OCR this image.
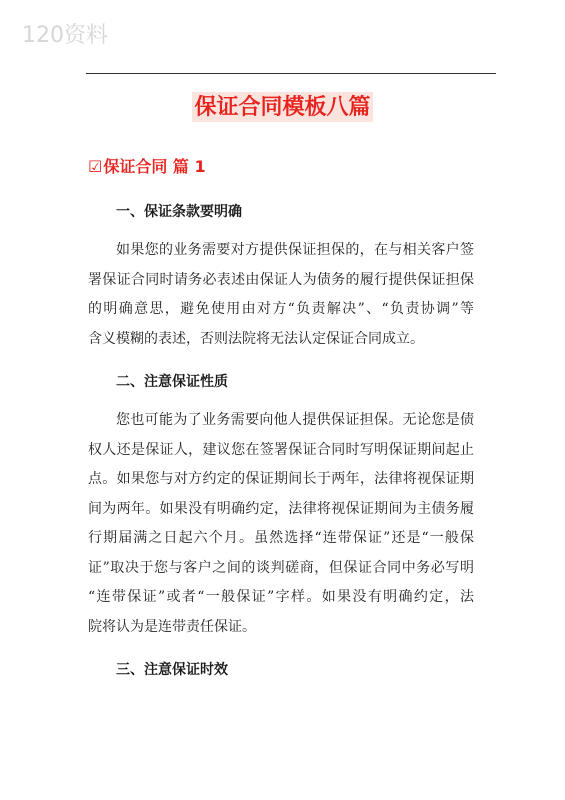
120资料
保证合同模板八篇
☑保证合同 篇 1
一、保证条款要明确
如果您的业务需要对方提供保证担保的，在与相关客户签
署保证合同时请务必表述由保证人为债务的履行提供保证担保
的明确意思，避免使用由对方“负责解决”、“负责协调”等
含义模糊的表述，否则法院将无法认定保证合同成立。
二、注意保证性质
您也可能为了业务需要向他人提供保证担保。无论您是债
权人还是保证人，建议您在签署保证合同时写明保证期间起止
点。如果您与对方约定的保证期间长于两年，法律将视保证期
间为两年。如果没有明确约定，法律将视保证期间为主债务履
行期届满之日起六个月。虽然选择“连带保证”还是“一般保
证”取决于您与客户之间的谈判磋商，但保证合同中务必写明
“连带保证”或者“一般保证”字样。如果没有明确约定，法
院将认为是连带责任保证。
三、注意保证时效
